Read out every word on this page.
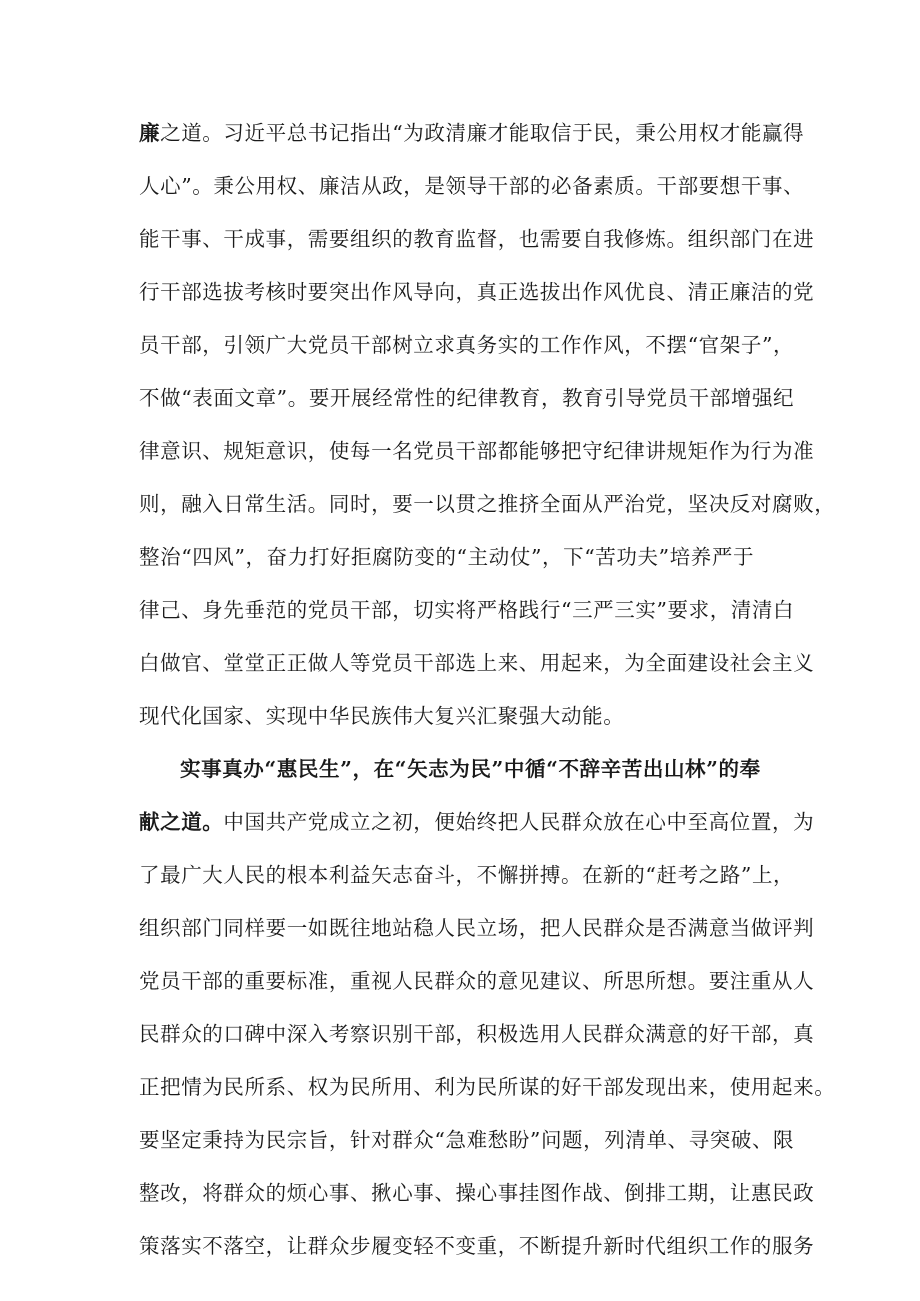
廉之道。习近平总书记指出“为政清廉才能取信于民，秉公用权才能赢得
人心”。秉公用权、廉洁从政，是领导干部的必备素质。干部要想干事、
能干事、干成事，需要组织的教育监督，也需要自我修炼。组织部门在进
行干部选拔考核时要突出作风导向，真正选拔出作风优良、清正廉洁的党
员干部，引领广大党员干部树立求真务实的工作作风，不摆“官架子”，
不做“表面文章”。要开展经常性的纪律教育，教育引导党员干部增强纪
律意识、规矩意识，使每一名党员干部都能够把守纪律讲规矩作为行为准
则，融入日常生活。同时，要一以贯之推挤全面从严治党，坚决反对腐败，
整治“四风”，奋力打好拒腐防变的“主动仗”，下“苦功夫”培养严于
律己、身先垂范的党员干部，切实将严格践行“三严三实”要求，清清白
白做官、堂堂正正做人等党员干部选上来、用起来，为全面建设社会主义
现代化国家、实现中华民族伟大复兴汇聚强大动能。
实事真办“惠民生”，在“矢志为民”中循“不辞辛苦出山林”的奉
献之道。中国共产党成立之初，便始终把人民群众放在心中至高位置，为
了最广大人民的根本利益矢志奋斗，不懈拼搏。在新的“赶考之路”上，
组织部门同样要一如既往地站稳人民立场，把人民群众是否满意当做评判
党员干部的重要标准，重视人民群众的意见建议、所思所想。要注重从人
民群众的口碑中深入考察识别干部，积极选用人民群众满意的好干部，真
正把情为民所系、权为民所用、利为民所谋的好干部发现出来，使用起来。
要坚定秉持为民宗旨，针对群众“急难愁盼”问题，列清单、寻突破、限
整改，将群众的烦心事、揪心事、操心事挂图作战、倒排工期，让惠民政
策落实不落空，让群众步履变轻不变重，不断提升新时代组织工作的服务
